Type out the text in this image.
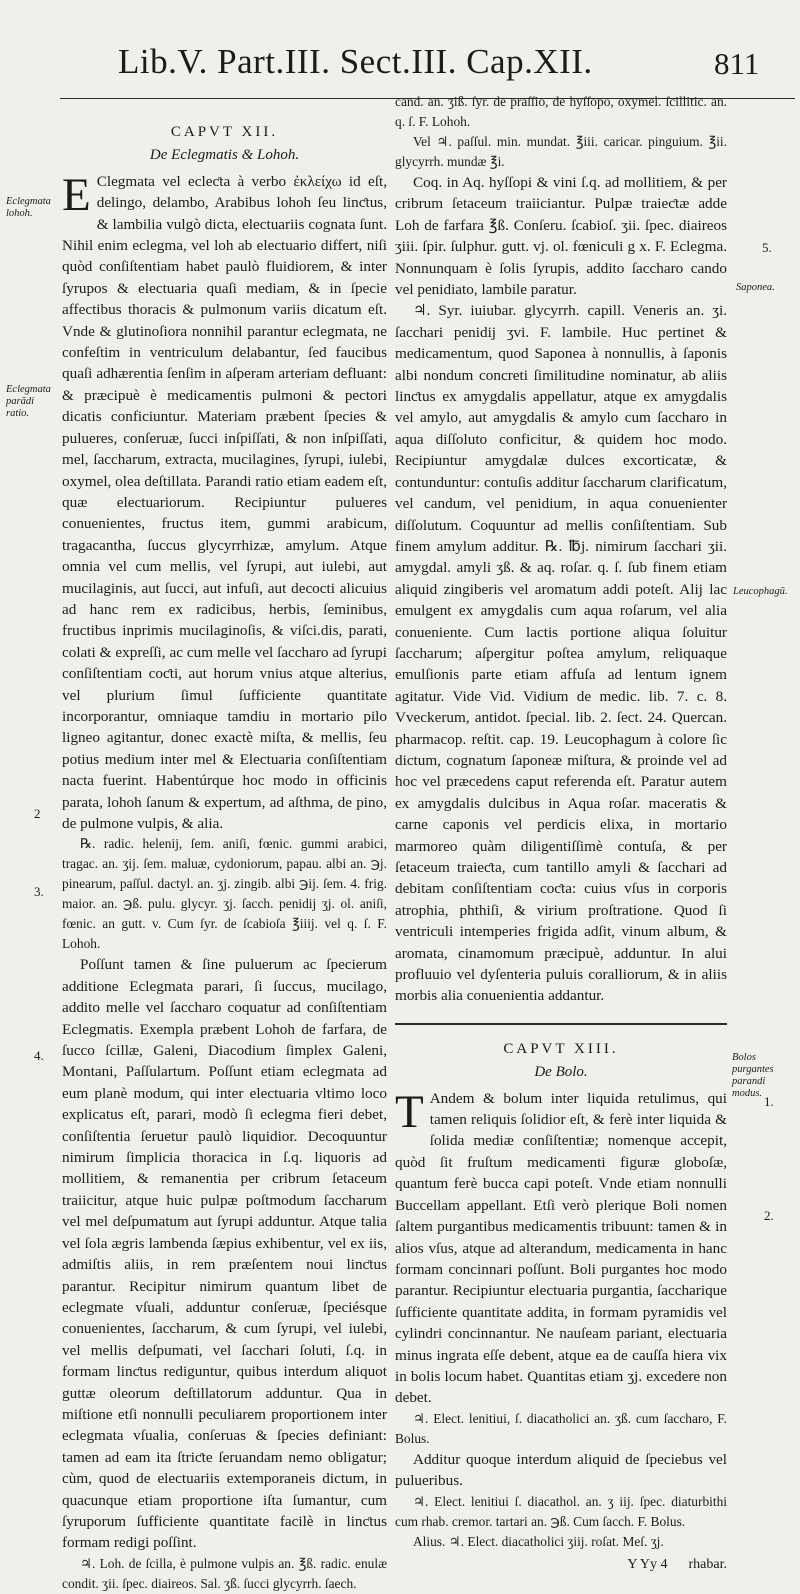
Lib.V. Part.III. Sect.III. Cap.XII.	811
CAPVT XII.
De Eclegmatis & Lohoh.

E Clegmata vel ecleƈta à verbo ἐκλείχω id eſt, delingo, delambo, Arabibus lohoh ſeu linƈtus, & lambilia vulgò dicta, electuariis cognata ſunt. Nihil enim eclegma, vel loh ab electuario differt, niſi quòd conſiſtentiam habet paulò fluidiorem, & inter ſyrupos & electuaria quaſi mediam, & in ſpecie affectibus thoracis & pulmonum variis dicatum eſt. Vnde & glutinoſiora nonnihil parantur eclegmata, ne confeſtim in ventriculum delabantur, ſed faucibus quaſi adhærentia ſenſim in aſperam arteriam defluant: & præcipuè è medicamentis pulmoni & pectori dicatis conficiuntur. Materiam præbent ſpecies & pulueres, conſeruæ, ſucci inſpiſſati, & non inſpiſſati, mel, ſaccharum, extracta, mucilagines, ſyrupi, iulebi, oxymel, olea deſtillata. Parandi ratio etiam eadem eſt, quæ electuariorum. Recipiuntur pulueres conuenientes, fructus item, gummi arabicum, tragacantha, ſuccus glycyrrhizæ, amylum. Atque omnia vel cum mellis, vel ſyrupi, aut iulebi, aut mucilaginis, aut ſucci, aut infuſi, aut decocti alicuius ad hanc rem ex radicibus, herbis, ſeminibus, fructibus inprimis mucilaginoſis, & viſci.dis, parati, colati & expreſſi, ac cum melle vel ſaccharo ad ſyrupi conſiſtentiam coƈti, aut horum vnius atque alterius, vel plurium ſimul ſufficiente quantitate incorporantur, omniaque tamdiu in mortario pilo ligneo agitantur, donec exactè miſta, & mellis, ſeu potius medium inter mel & Electuaria conſiſtentiam nacta fuerint. Habentúrque hoc modo in officinis parata, lohoh ſanum & expertum, ad aſthma, de pino, de pulmone vulpis, & alia.

℞. radic. helenij, ſem. aniſi, fœnic. gummi arabici, tragac. an. ʒij. ſem. maluæ, cydoniorum, papau. albi an. ℈j. pinearum, paſſul. dactyl. an. ʒj. zingib. albi ℈ij. ſem. 4. frig. maior. an. ℈ß. pulu. glycyr. ʒj. ſacch. penidij ʒj. ol. aniſi, fœnic. an gutt. v. Cum ſyr. de ſcabioſa ℥iiij. vel q. ſ. F. Lohoh.

Poſſunt tamen & ſine puluerum ac ſpecierum additione Eclegmata parari, ſi ſuccus, mucilago, addito melle vel ſaccharo coquatur ad conſiſtentiam Eclegmatis. Exempla præbent Lohoh de farfara, de ſucco ſcillæ, Galeni, Diacodium ſimplex Galeni, Montani, Paſſulartum. Poſſunt etiam eclegmata ad eum planè modum, qui inter electuaria vltimo loco explicatus eſt, parari, modò ſi eclegma fieri debet, conſiſtentia ſeruetur paulò liquidior. Decoquuntur nimirum ſimplicia thoracica in ſ.q. liquoris ad mollitiem, & remanentia per cribrum ſetaceum traiicitur, atque huic pulpæ poſtmodum ſaccharum vel mel deſpumatum aut ſyrupi adduntur. Atque talia vel ſola ægris lambenda ſæpius exhibentur, vel ex iis, admiſtis aliis, in rem præſentem noui linƈtus parantur. Recipitur nimirum quantum libet de eclegmate vſuali, adduntur conſeruæ, ſpeciésque conuenientes, ſaccharum, & cum ſyrupi, vel iulebi, vel mellis deſpumati, vel ſacchari ſoluti, ſ.q. in formam linƈtus rediguntur, quibus interdum aliquot guttæ oleorum deſtillatorum adduntur. Qua in miſtione etſi nonnulli peculiarem proportionem inter eclegmata vſualia, conſeruas & ſpecies definiant: tamen ad eam ita ſtriƈte ſeruandam nemo obligatur; cùm, quod de electuariis extemporaneis dictum, in quacunque etiam proportione iſta ſumantur, cum ſyruporum ſufficiente quantitate facilè in linƈtus formam redigi poſſint.

♃. Loh. de ſcilla, è pulmone vulpis an. ℥ß. radic. enulæ condit. ʒii. ſpec. diaireos. Sal. ʒß. ſucci glycyrrh. ſaech.

cand. an. ʒiß. ſyr. de praſſio, de hyſſopo, oxymel. ſcillitic. an. q. ſ. F. Lohoh.

Vel ♃. paſſul. min. mundat. ℥iii. caricar. pinguium. ℥ii. glycyrrh. mundæ ℥i.

Coq. in Aq. hyſſopi & vini ſ.q. ad mollitiem, & per cribrum ſetaceum traiiciantur. Pulpæ traieƈtæ adde Loh de farfara ℥ß. Conſeru. ſcabioſ. ʒii. ſpec. diaireos ʒiii. ſpir. ſulphur. gutt. vj. ol. fœniculi g x. F. Eclegma. Nonnunquam è ſolis ſyrupis, addito ſaccharo cando vel penidiato, lambile paratur.

♃. Syr. iuiubar. glycyrrh. capill. Veneris an. ʒi. ſacchari penidij ʒvi. F. lambile. Huc pertinet & medicamentum, quod Saponea à nonnullis, à ſaponis albi nondum concreti ſimilitudine nominatur, ab aliis linƈtus ex amygdalis appellatur, atque ex amygdalis vel amylo, aut amygdalis & amylo cum ſaccharo in aqua diſſoluto conficitur, & quidem hoc modo. Recipiuntur amygdalæ dulces excorticatæ, & contunduntur: contuſis additur ſaccharum clarificatum, vel candum, vel penidium, in aqua conuenienter diſſolutum. Coquuntur ad mellis conſiſtentiam. Sub finem amylum additur. ℞. ℔j. nimirum ſacchari ʒii. amygdal. amyli ʒß. & aq. roſar. q. ſ. ſub finem etiam aliquid zingiberis vel aromatum addi poteſt. Alij lac emulgent ex amygdalis cum aqua roſarum, vel alia conueniente. Cum lactis portione aliqua ſoluitur ſaccharum; aſpergitur poſtea amylum, reliquaque emulſionis parte etiam affuſa ad lentum ignem agitatur. Vide Vid. Vidium de medic. lib. 7. c. 8. Vveckerum, antidot. ſpecial. lib. 2. ſect. 24. Quercan. pharmacop. reſtit. cap. 19. Leucophagum à colore ſic dictum, cognatum ſaponeæ miſtura, & proinde vel ad hoc vel præcedens caput referenda eſt. Paratur autem ex amygdalis dulcibus in Aqua roſar. maceratis & carne caponis vel perdicis elixa, in mortario marmoreo quàm diligentiſſimè contuſa, & per ſetaceum traieƈta, cum tantillo amyli & ſacchari ad debitam conſiſtentiam coƈta: cuius vſus in corporis atrophia, phthiſi, & virium proſtratione. Quod ſi ventriculi intemperies frigida adſit, vinum album, & aromata, cinamomum præcipuè, adduntur. In alui profluuio vel dyſenteria puluis coralliorum, & in aliis morbis alia conuenientia addantur.

CAPVT XIII.
De Bolo.

T Andem & bolum inter liquida retulimus, qui tamen reliquis ſolidior eſt, & ferè inter liquida & ſolida mediæ conſiſtentiæ; nomenque accepit, quòd ſit fruſtum medicamenti figuræ globoſæ, quantum ferè bucca capi poteſt. Vnde etiam nonnulli Buccellam appellant. Etſi verò plerique Boli nomen ſaltem purgantibus medicamentis tribuunt: tamen & in alios vſus, atque ad alterandum, medicamenta in hanc formam concinnari poſſunt. Boli purgantes hoc modo parantur. Recipiuntur electuaria purgantia, ſaccharique ſufficiente quantitate addita, in formam pyramidis vel cylindri concinnantur. Ne nauſeam pariant, electuaria minus ingrata eſſe debent, atque ea de cauſſa hiera vix in bolis locum habet. Quantitas etiam ʒj. excedere non debet.

♃. Elect. lenitiui, ſ. diacatholici an. ʒß. cum ſaccharo, F. Bolus.

Additur quoque interdum aliquid de ſpeciebus vel pulueribus.

♃. Elect. lenitiui ſ. diacathol. an. ʒ iij. ſpec. diaturbithi cum rhab. cremor. tartari an. ℈ß. Cum ſacch. F. Bolus.

Alius. ♃. Elect. diacatholici ʒiij. roſat. Meſ. ʒj.

Y Yy 4 rhabar.
Eclegmata lohoh.
Eclegmata parãdi ratio.
2
3.
4.
5.
Saponea.
Leucophagũ.
Bolos purgantes parandi modus.
1.
2.
